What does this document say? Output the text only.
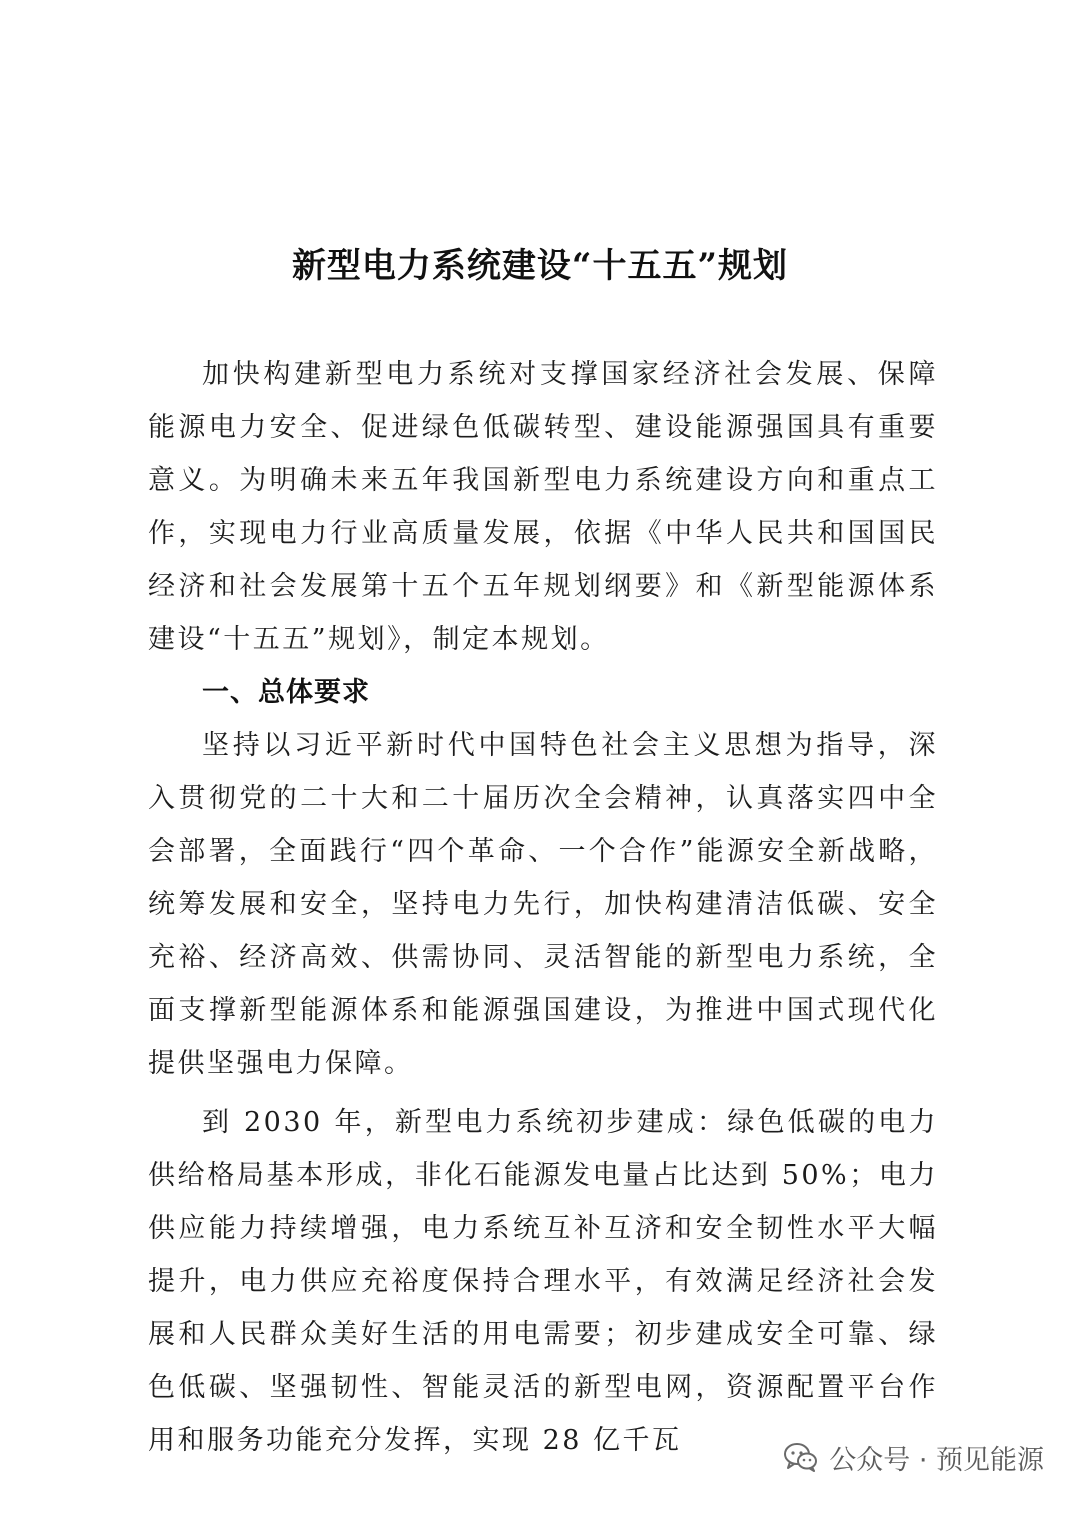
新型电力系统建设“十五五”规划

加快构建新型电力系统对支撑国家经济社会发展、保障能源电力安全、促进绿色低碳转型、建设能源强国具有重要意义。为明确未来五年我国新型电力系统建设方向和重点工作，实现电力行业高质量发展，依据《中华人民共和国国民经济和社会发展第十五个五年规划纲要》和《新型能源体系建设“十五五”规划》，制定本规划。

一、总体要求

坚持以习近平新时代中国特色社会主义思想为指导，深入贯彻党的二十大和二十届历次全会精神，认真落实四中全会部署，全面践行“四个革命、一个合作”能源安全新战略，统筹发展和安全，坚持电力先行，加快构建清洁低碳、安全充裕、经济高效、供需协同、灵活智能的新型电力系统，全面支撑新型能源体系和能源强国建设，为推进中国式现代化提供坚强电力保障。

到 2030 年，新型电力系统初步建成：绿色低碳的电力供给格局基本形成，非化石能源发电量占比达到 50%；电力供应能力持续增强，电力系统互补互济和安全韧性水平大幅提升，电力供应充裕度保持合理水平，有效满足经济社会发展和人民群众美好生活的用电需要；初步建成安全可靠、绿色低碳、坚强韧性、智能灵活的新型电网，资源配置平台作用和服务功能充分发挥，实现 28 亿千瓦

公众号 · 预见能源
